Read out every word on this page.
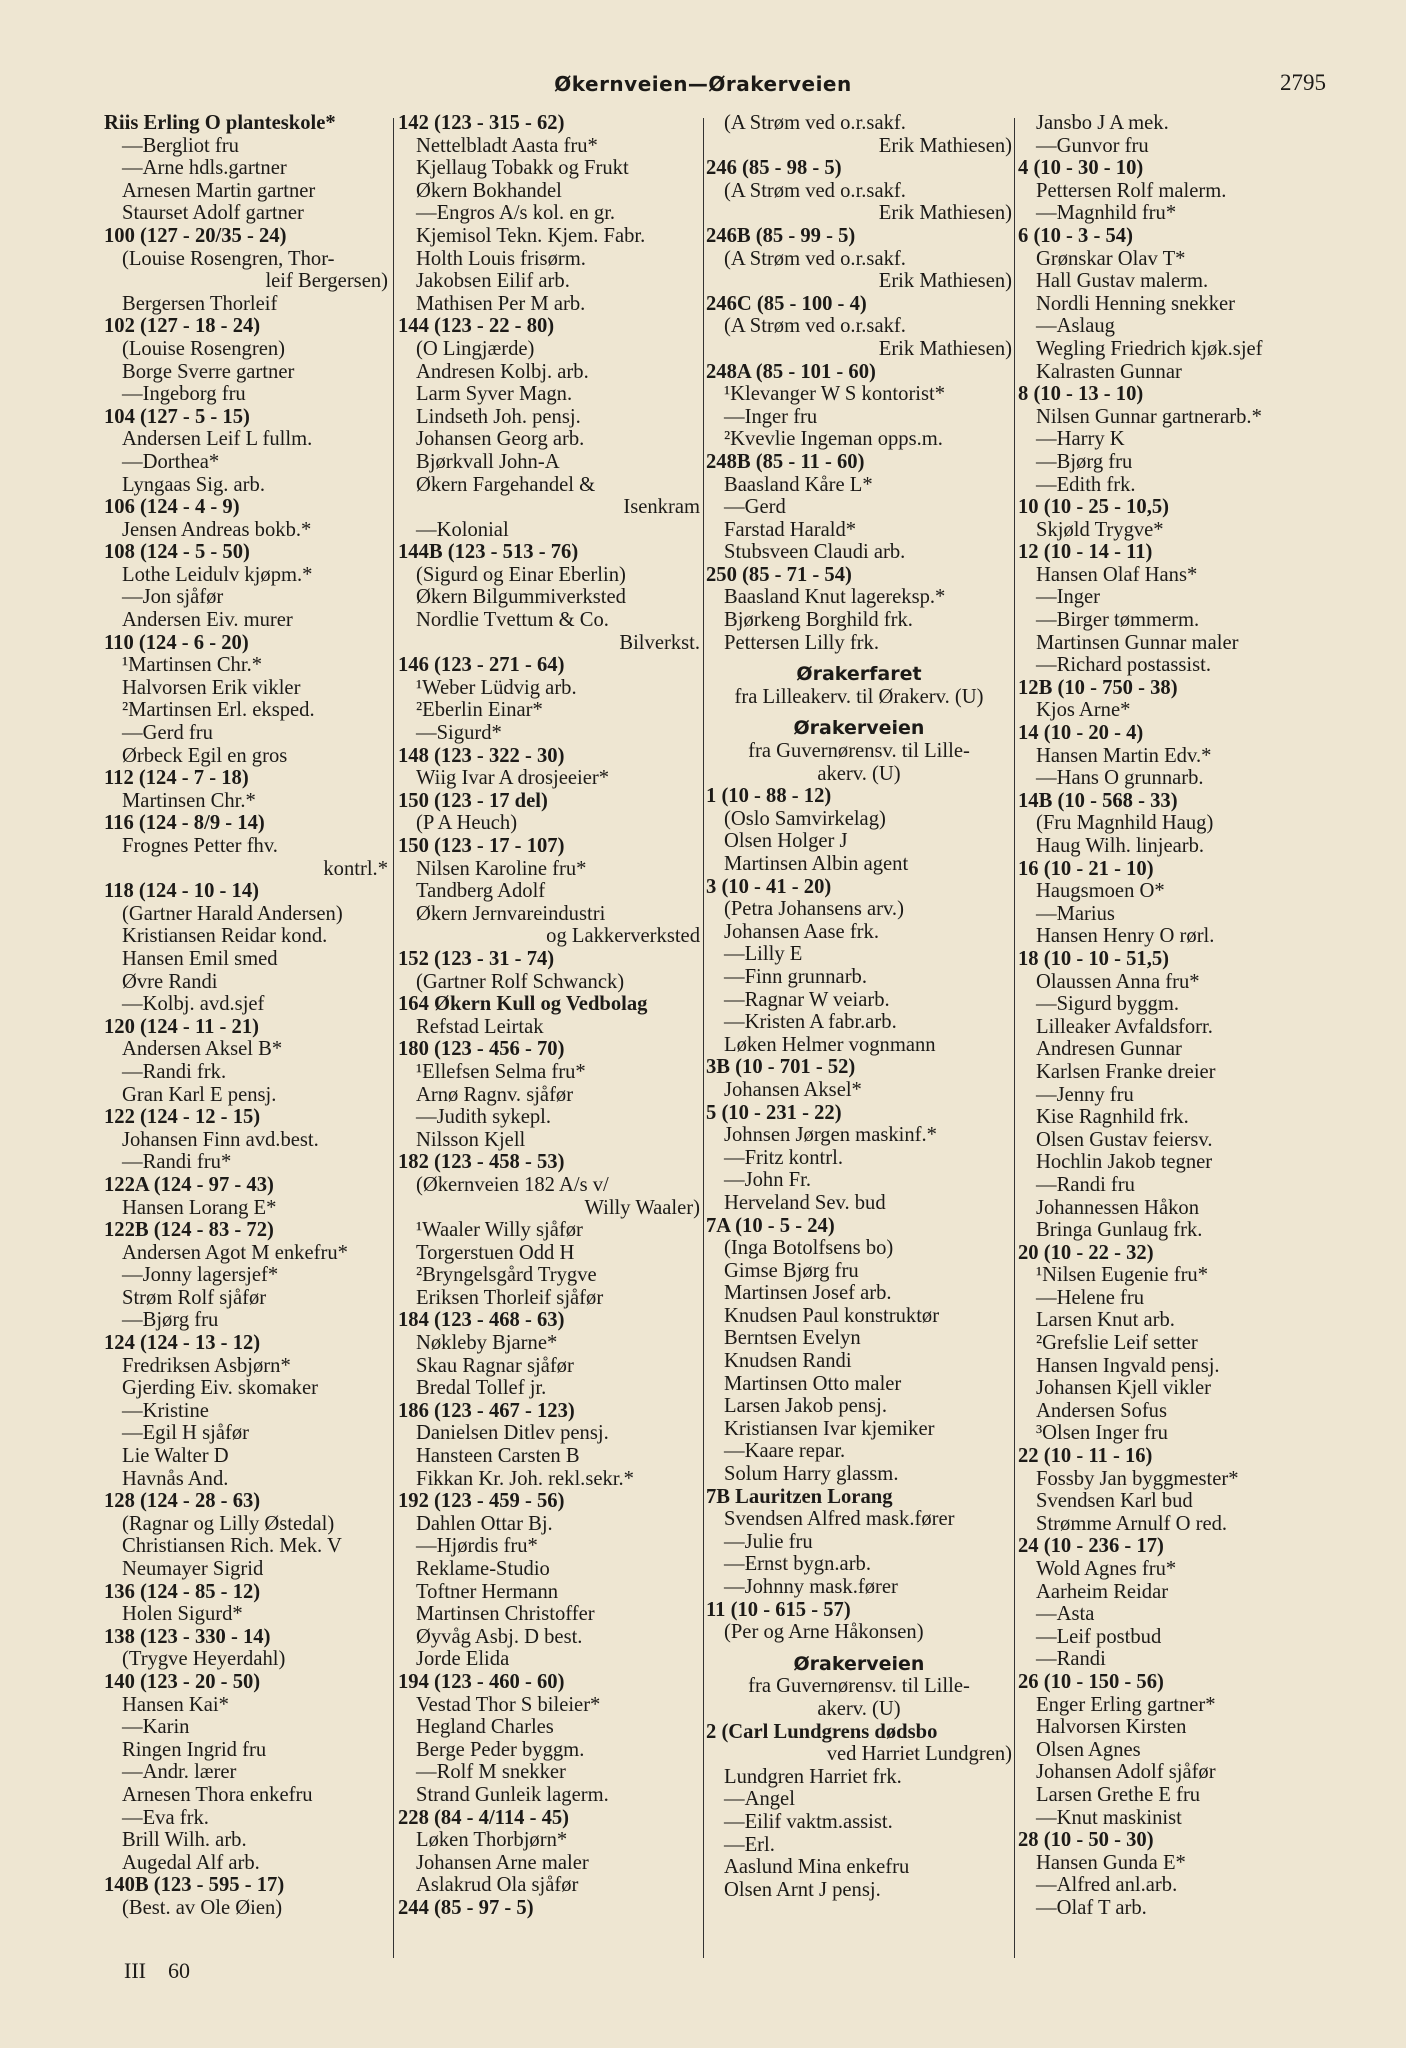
Økernveien—Ørakerveien	2795
Riis Erling O planteskole*
—Bergliot fru
—Arne hdls.gartner
Arnesen Martin gartner
Staurset Adolf gartner
100 (127 - 20/35 - 24)
(Louise Rosengren, Thor-
leif Bergersen)
Bergersen Thorleif
102 (127 - 18 - 24)
(Louise Rosengren)
Borge Sverre gartner
—Ingeborg fru
104 (127 - 5 - 15)
Andersen Leif L fullm.
—Dorthea*
Lyngaas Sig. arb.
106 (124 - 4 - 9)
Jensen Andreas bokb.*
108 (124 - 5 - 50)
Lothe Leidulv kjøpm.*
—Jon sjåfør
Andersen Eiv. murer
110 (124 - 6 - 20)
¹Martinsen Chr.*
Halvorsen Erik vikler
²Martinsen Erl. eksped.
—Gerd fru
Ørbeck Egil en gros
112 (124 - 7 - 18)
Martinsen Chr.*
116 (124 - 8/9 - 14)
Frognes Petter fhv.
kontrl.*
118 (124 - 10 - 14)
(Gartner Harald Andersen)
Kristiansen Reidar kond.
Hansen Emil smed
Øvre Randi
—Kolbj. avd.sjef
120 (124 - 11 - 21)
Andersen Aksel B*
—Randi frk.
Gran Karl E pensj.
122 (124 - 12 - 15)
Johansen Finn avd.best.
—Randi fru*
122A (124 - 97 - 43)
Hansen Lorang E*
122B (124 - 83 - 72)
Andersen Agot M enkefru*
—Jonny lagersjef*
Strøm Rolf sjåfør
—Bjørg fru
124 (124 - 13 - 12)
Fredriksen Asbjørn*
Gjerding Eiv. skomaker
—Kristine
—Egil H sjåfør
Lie Walter D
Havnås And.
128 (124 - 28 - 63)
(Ragnar og Lilly Østedal)
Christiansen Rich. Mek. V
Neumayer Sigrid
136 (124 - 85 - 12)
Holen Sigurd*
138 (123 - 330 - 14)
(Trygve Heyerdahl)
140 (123 - 20 - 50)
Hansen Kai*
—Karin
Ringen Ingrid fru
—Andr. lærer
Arnesen Thora enkefru
—Eva frk.
Brill Wilh. arb.
Augedal Alf arb.
140B (123 - 595 - 17)
(Best. av Ole Øien)
142 (123 - 315 - 62)
Nettelbladt Aasta fru*
Kjellaug Tobakk og Frukt
Økern Bokhandel
—Engros A/s kol. en gr.
Kjemisol Tekn. Kjem. Fabr.
Holth Louis frisørm.
Jakobsen Eilif arb.
Mathisen Per M arb.
144 (123 - 22 - 80)
(O Lingjærde)
Andresen Kolbj. arb.
Larm Syver Magn.
Lindseth Joh. pensj.
Johansen Georg arb.
Bjørkvall John-A
Økern Fargehandel &
Isenkram
—Kolonial
144B (123 - 513 - 76)
(Sigurd og Einar Eberlin)
Økern Bilgummiverksted
Nordlie Tvettum & Co.
Bilverkst.
146 (123 - 271 - 64)
¹Weber Lüdvig arb.
²Eberlin Einar*
—Sigurd*
148 (123 - 322 - 30)
Wiig Ivar A drosjeeier*
150 (123 - 17 del)
(P A Heuch)
150 (123 - 17 - 107)
Nilsen Karoline fru*
Tandberg Adolf
Økern Jernvareindustri
og Lakkerverksted
152 (123 - 31 - 74)
(Gartner Rolf Schwanck)
164 Økern Kull og Vedbolag
Refstad Leirtak
180 (123 - 456 - 70)
¹Ellefsen Selma fru*
Arnø Ragnv. sjåfør
—Judith sykepl.
Nilsson Kjell
182 (123 - 458 - 53)
(Økernveien 182 A/s v/
Willy Waaler)
¹Waaler Willy sjåfør
Torgerstuen Odd H
²Bryngelsgård Trygve
Eriksen Thorleif sjåfør
184 (123 - 468 - 63)
Nøkleby Bjarne*
Skau Ragnar sjåfør
Bredal Tollef jr.
186 (123 - 467 - 123)
Danielsen Ditlev pensj.
Hansteen Carsten B
Fikkan Kr. Joh. rekl.sekr.*
192 (123 - 459 - 56)
Dahlen Ottar Bj.
—Hjørdis fru*
Reklame-Studio
Toftner Hermann
Martinsen Christoffer
Øyvåg Asbj. D best.
Jorde Elida
194 (123 - 460 - 60)
Vestad Thor S bileier*
Hegland Charles
Berge Peder byggm.
—Rolf M snekker
Strand Gunleik lagerm.
228 (84 - 4/114 - 45)
Løken Thorbjørn*
Johansen Arne maler
Aslakrud Ola sjåfør
244 (85 - 97 - 5)
(A Strøm ved o.r.sakf.
Erik Mathiesen)
246 (85 - 98 - 5)
(A Strøm ved o.r.sakf.
Erik Mathiesen)
246B (85 - 99 - 5)
(A Strøm ved o.r.sakf.
Erik Mathiesen)
246C (85 - 100 - 4)
(A Strøm ved o.r.sakf.
Erik Mathiesen)
248A (85 - 101 - 60)
¹Klevanger W S kontorist*
—Inger fru
²Kvevlie Ingeman opps.m.
248B (85 - 11 - 60)
Baasland Kåre L*
—Gerd
Farstad Harald*
Stubsveen Claudi arb.
250 (85 - 71 - 54)
Baasland Knut lagereksp.*
Bjørkeng Borghild frk.
Pettersen Lilly frk.
Ørakerfaret
fra Lilleakerv. til Ørakerv. (U)
Ørakerveien
fra Guvernørensv. til Lille-
akerv. (U)
1 (10 - 88 - 12)
(Oslo Samvirkelag)
Olsen Holger J
Martinsen Albin agent
3 (10 - 41 - 20)
(Petra Johansens arv.)
Johansen Aase frk.
—Lilly E
—Finn grunnarb.
—Ragnar W veiarb.
—Kristen A fabr.arb.
Løken Helmer vognmann
3B (10 - 701 - 52)
Johansen Aksel*
5 (10 - 231 - 22)
Johnsen Jørgen maskinf.*
—Fritz kontrl.
—John Fr.
Herveland Sev. bud
7A (10 - 5 - 24)
(Inga Botolfsens bo)
Gimse Bjørg fru
Martinsen Josef arb.
Knudsen Paul konstruktør
Berntsen Evelyn
Knudsen Randi
Martinsen Otto maler
Larsen Jakob pensj.
Kristiansen Ivar kjemiker
—Kaare repar.
Solum Harry glassm.
7B Lauritzen Lorang
Svendsen Alfred mask.fører
—Julie fru
—Ernst bygn.arb.
—Johnny mask.fører
11 (10 - 615 - 57)
(Per og Arne Håkonsen)
Ørakerveien
fra Guvernørensv. til Lille-
akerv. (U)
2 (Carl Lundgrens dødsbo
ved Harriet Lundgren)
Lundgren Harriet frk.
—Angel
—Eilif vaktm.assist.
—Erl.
Aaslund Mina enkefru
Olsen Arnt J pensj.
Jansbo J A mek.
—Gunvor fru
4 (10 - 30 - 10)
Pettersen Rolf malerm.
—Magnhild fru*
6 (10 - 3 - 54)
Grønskar Olav T*
Hall Gustav malerm.
Nordli Henning snekker
—Aslaug
Wegling Friedrich kjøk.sjef
Kalrasten Gunnar
8 (10 - 13 - 10)
Nilsen Gunnar gartnerarb.*
—Harry K
—Bjørg fru
—Edith frk.
10 (10 - 25 - 10,5)
Skjøld Trygve*
12 (10 - 14 - 11)
Hansen Olaf Hans*
—Inger
—Birger tømmerm.
Martinsen Gunnar maler
—Richard postassist.
12B (10 - 750 - 38)
Kjos Arne*
14 (10 - 20 - 4)
Hansen Martin Edv.*
—Hans O grunnarb.
14B (10 - 568 - 33)
(Fru Magnhild Haug)
Haug Wilh. linjearb.
16 (10 - 21 - 10)
Haugsmoen O*
—Marius
Hansen Henry O rørl.
18 (10 - 10 - 51,5)
Olaussen Anna fru*
—Sigurd byggm.
Lilleaker Avfaldsforr.
Andresen Gunnar
Karlsen Franke dreier
—Jenny fru
Kise Ragnhild frk.
Olsen Gustav feiersv.
Hochlin Jakob tegner
—Randi fru
Johannessen Håkon
Bringa Gunlaug frk.
20 (10 - 22 - 32)
¹Nilsen Eugenie fru*
—Helene fru
Larsen Knut arb.
²Grefslie Leif setter
Hansen Ingvald pensj.
Johansen Kjell vikler
Andersen Sofus
³Olsen Inger fru
22 (10 - 11 - 16)
Fossby Jan byggmester*
Svendsen Karl bud
Strømme Arnulf O red.
24 (10 - 236 - 17)
Wold Agnes fru*
Aarheim Reidar
—Asta
—Leif postbud
—Randi
26 (10 - 150 - 56)
Enger Erling gartner*
Halvorsen Kirsten
Olsen Agnes
Johansen Adolf sjåfør
Larsen Grethe E fru
—Knut maskinist
28 (10 - 50 - 30)
Hansen Gunda E*
—Alfred anl.arb.
—Olaf T arb.
III    60
